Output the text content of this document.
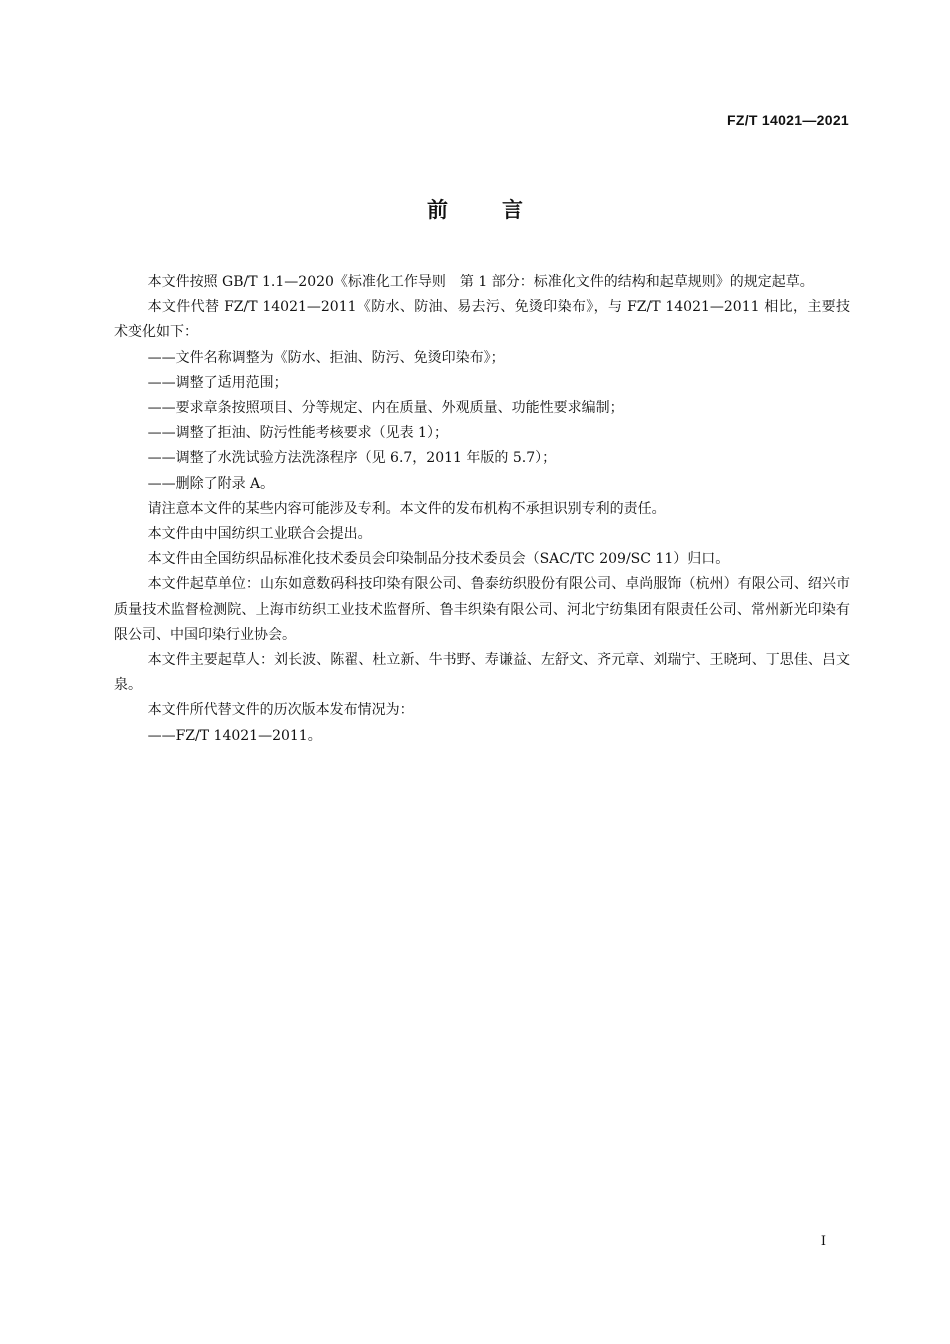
FZ/T 14021—2021
前	言

本文件按照 GB/T 1.1—2020《标准化工作导则　第 1 部分：标准化文件的结构和起草规则》的规定起草。

本文件代替 FZ/T 14021—2011《防水、防油、易去污、免烫印染布》，与 FZ/T 14021—2011 相比，主要技术变化如下：

——文件名称调整为《防水、拒油、防污、免烫印染布》；

——调整了适用范围；

——要求章条按照项目、分等规定、内在质量、外观质量、功能性要求编制；

——调整了拒油、防污性能考核要求（见表 1）；

——调整了水洗试验方法洗涤程序（见 6.7，2011 年版的 5.7）；

——删除了附录 A。

请注意本文件的某些内容可能涉及专利。本文件的发布机构不承担识别专利的责任。

本文件由中国纺织工业联合会提出。

本文件由全国纺织品标准化技术委员会印染制品分技术委员会（SAC/TC 209/SC 11）归口。

本文件起草单位：山东如意数码科技印染有限公司、鲁泰纺织股份有限公司、卓尚服饰（杭州）有限公司、绍兴市质量技术监督检测院、上海市纺织工业技术监督所、鲁丰织染有限公司、河北宁纺集团有限责任公司、常州新光印染有限公司、中国印染行业协会。

本文件主要起草人：刘长波、陈翟、杜立新、牛书野、寿谦益、左舒文、齐元章、刘瑞宁、王晓珂、丁思佳、吕文泉。

本文件所代替文件的历次版本发布情况为：

——FZ/T 14021—2011。

I
